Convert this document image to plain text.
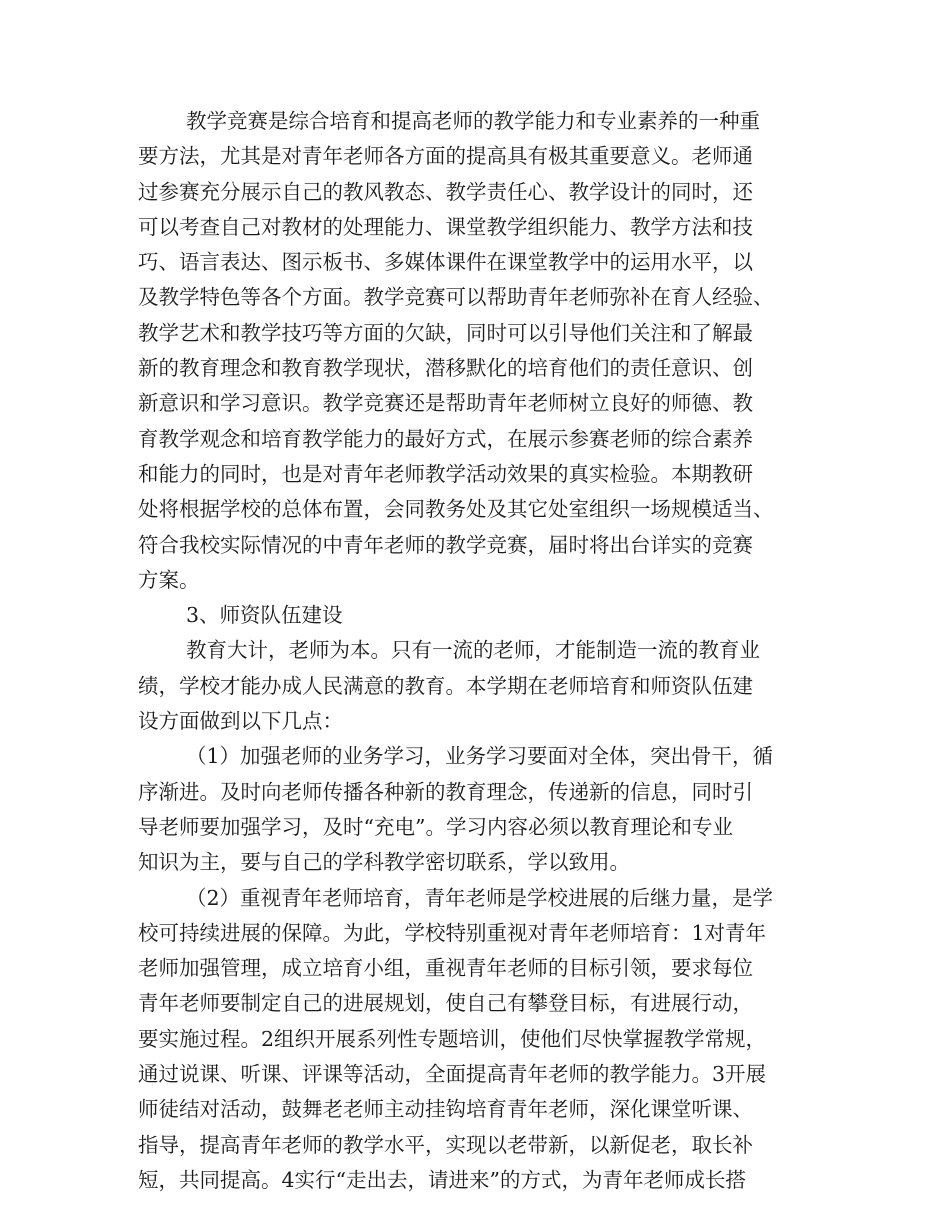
教学竞赛是综合培育和提高老师的教学能力和专业素养的一种重
要方法，尤其是对青年老师各方面的提高具有极其重要意义。老师通
过参赛充分展示自己的教风教态、教学责任心、教学设计的同时，还
可以考查自己对教材的处理能力、课堂教学组织能力、教学方法和技
巧、语言表达、图示板书、多媒体课件在课堂教学中的运用水平，以
及教学特色等各个方面。教学竞赛可以帮助青年老师弥补在育人经验、
教学艺术和教学技巧等方面的欠缺，同时可以引导他们关注和了解最
新的教育理念和教育教学现状，潜移默化的培育他们的责任意识、创
新意识和学习意识。教学竞赛还是帮助青年老师树立良好的师德、教
育教学观念和培育教学能力的最好方式，在展示参赛老师的综合素养
和能力的同时，也是对青年老师教学活动效果的真实检验。本期教研
处将根据学校的总体布置，会同教务处及其它处室组织一场规模适当、
符合我校实际情况的中青年老师的教学竞赛，届时将出台详实的竞赛
方案。
3、师资队伍建设
教育大计，老师为本。只有一流的老师，才能制造一流的教育业
绩，学校才能办成人民满意的教育。本学期在老师培育和师资队伍建
设方面做到以下几点：
（1）加强老师的业务学习，业务学习要面对全体，突出骨干，循
序渐进。及时向老师传播各种新的教育理念，传递新的信息，同时引
导老师要加强学习，及时“充电”。学习内容必须以教育理论和专业
知识为主，要与自己的学科教学密切联系，学以致用。
（2）重视青年老师培育，青年老师是学校进展的后继力量，是学
校可持续进展的保障。为此，学校特别重视对青年老师培育：1对青年
老师加强管理，成立培育小组，重视青年老师的目标引领，要求每位
青年老师要制定自己的进展规划，使自己有攀登目标，有进展行动，
要实施过程。2组织开展系列性专题培训，使他们尽快掌握教学常规，
通过说课、听课、评课等活动，全面提高青年老师的教学能力。3开展
师徒结对活动，鼓舞老老师主动挂钩培育青年老师，深化课堂听课、
指导，提高青年老师的教学水平，实现以老带新，以新促老，取长补
短，共同提高。4实行“走出去，请进来”的方式，为青年老师成长搭
